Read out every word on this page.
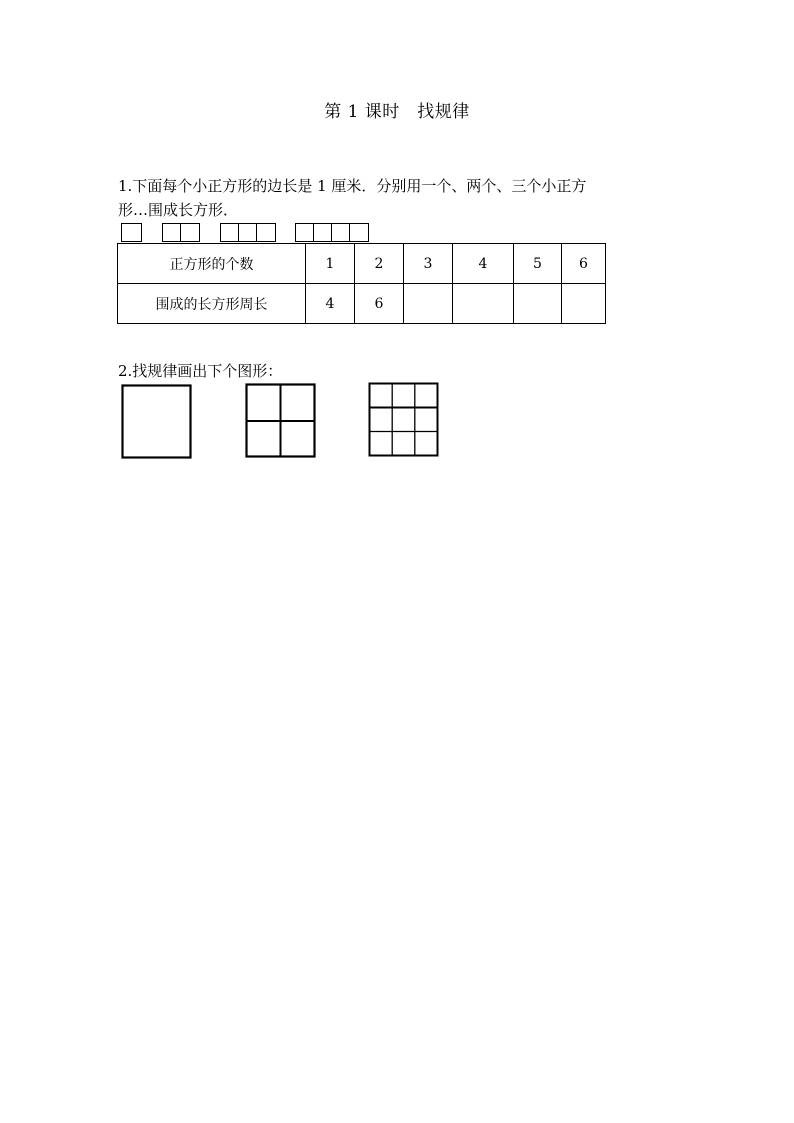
第 1 课时　找规律
1.下面每个小正方形的边长是 1 厘米．分别用一个、两个、三个小正方
形…围成长方形．
正方形的个数	1	2	3	4	5	6
围成的长方形周长	4	6				
2.找规律画出下个图形：
